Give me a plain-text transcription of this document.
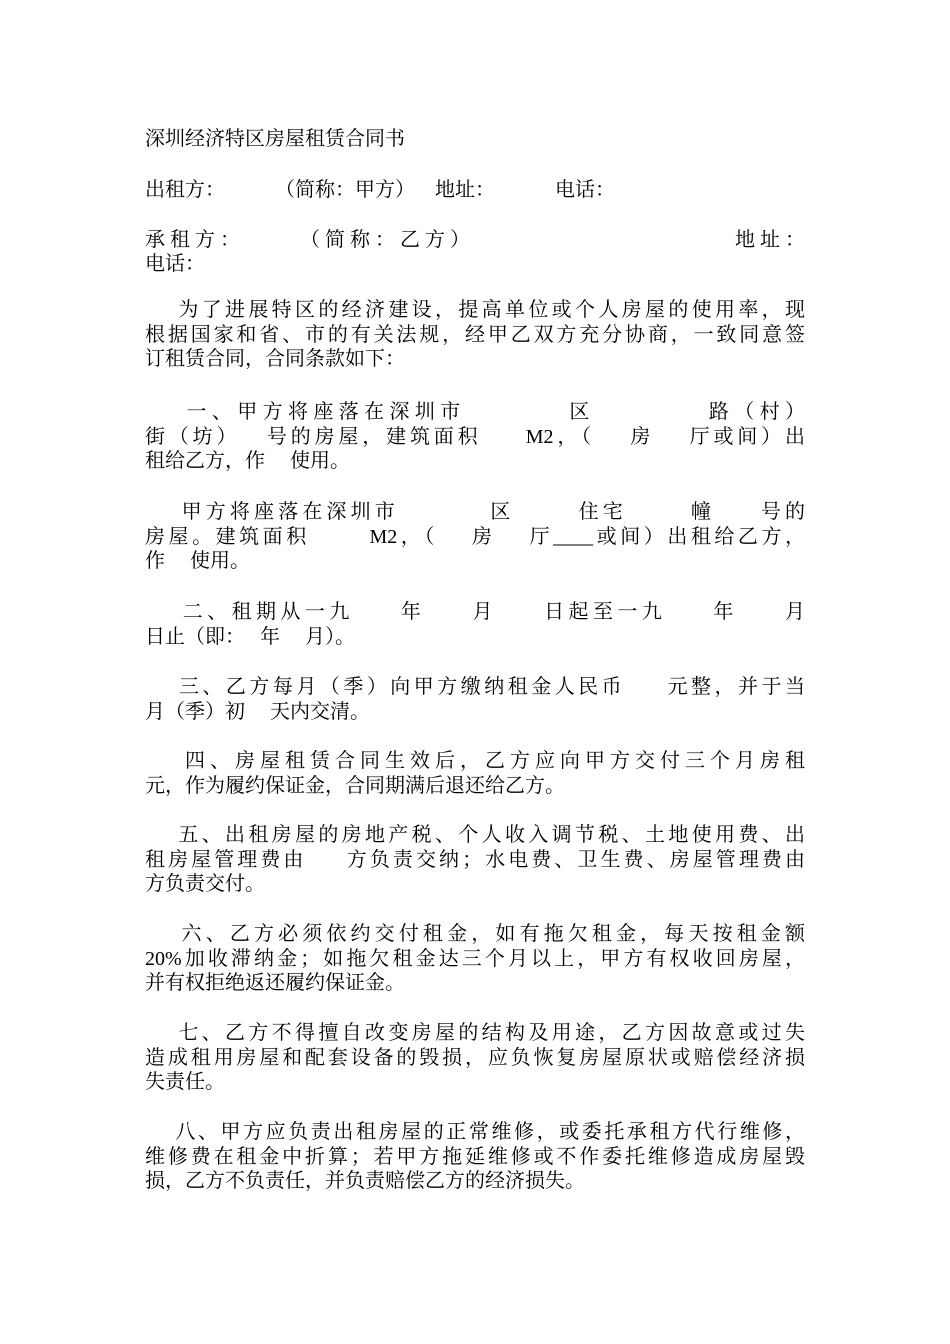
深圳经济特区房屋租赁合同书
出租方：          （简称：甲方）    地址：            电话：
承 租 方 ：            （ 简 称 ： 乙 方 ）	地 址 ：
电话：
为了进展特区的经济建设，提高单位或个人房屋的使用率，现
根据国家和省、市的有关法规，经甲乙双方充分协商，一致同意签
订租赁合同，合同条款如下：
一、甲方将座落在深圳市          区           路（村）
街（坊）   号的房屋，建筑面积     M2，（    房    厅或间）出
租给乙方，作     使用。
甲方将座落在深圳市          区       住宅       幢     号的
房屋。建筑面积       M2，（    房    厅____或间）出租给乙方，
作     使用。
二、租期从一九     年     月     日起至一九     年     月
日止（即：   年     月）。
三、乙方每月（季）向甲方缴纳租金人民币     元整，并于当
月（季）初     天内交清。
四、房屋租赁合同生效后，乙方应向甲方交付三个月房租
元，作为履约保证金，合同期满后退还给乙方。
五、出租房屋的房地产税、个人收入调节税、土地使用费、出
租房屋管理费由     方负责交纳；水电费、卫生费、房屋管理费由
方负责交付。
六、乙方必须依约交付租金，如有拖欠租金，每天按租金额
20%加收滞纳金；如拖欠租金达三个月以上，甲方有权收回房屋，
并有权拒绝返还履约保证金。
七、乙方不得擅自改变房屋的结构及用途，乙方因故意或过失
造成租用房屋和配套设备的毁损，应负恢复房屋原状或赔偿经济损
失责任。
八、甲方应负责出租房屋的正常维修，或委托承租方代行维修，
维修费在租金中折算；若甲方拖延维修或不作委托维修造成房屋毁
损，乙方不负责任，并负责赔偿乙方的经济损失。
